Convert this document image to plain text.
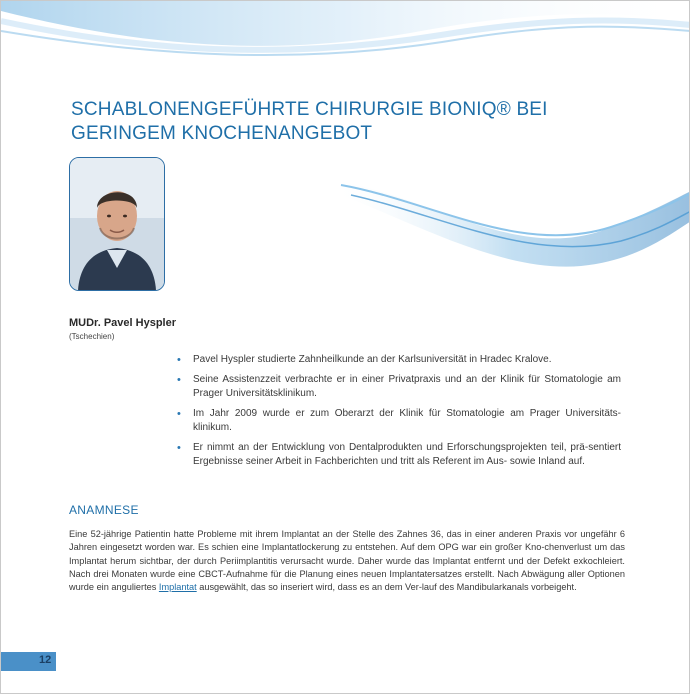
SCHABLONENGEFÜHRTE CHIRURGIE BIONIQ® BEI GERINGEM KNOCHENANGEBOT
MUDr. Pavel Hyspler
(Tschechien)
• Pavel Hyspler studierte Zahnheilkunde an der Karlsuniversität in Hradec Kralove.
• Seine Assistenzzeit verbrachte er in einer Privatpraxis und an der Klinik für Stomatologie am Prager Universitätsklinikum.
• Im Jahr 2009 wurde er zum Oberarzt der Klinik für Stomatologie am Prager Universitäts-klinikum.
• Er nimmt an der Entwicklung von Dentalprodukten und Erforschungsprojekten teil, prä-sentiert Ergebnisse seiner Arbeit in Fachberichten und tritt als Referent im Aus- sowie Inland auf.
ANAMNESE

Eine 52-jährige Patientin hatte Probleme mit ihrem Implantat an der Stelle des Zahnes 36, das in einer anderen Praxis vor ungefähr 6 Jahren eingesetzt worden war. Es schien eine Implantatlockerung zu entstehen. Auf dem OPG war ein großer Kno-chenverlust um das Implantat herum sichtbar, der durch Periimplantitis verursacht wurde. Daher wurde das Implantat entfernt und der Defekt exkochleiert. Nach drei Monaten wurde eine CBCT-Aufnahme für die Planung eines neuen Implantatersatzes erstellt. Nach Abwägung aller Optionen wurde ein anguliertes Implantat ausgewählt, das so inseriert wird, dass es an dem Ver-lauf des Mandibularkanals vorbeigeht.

12
